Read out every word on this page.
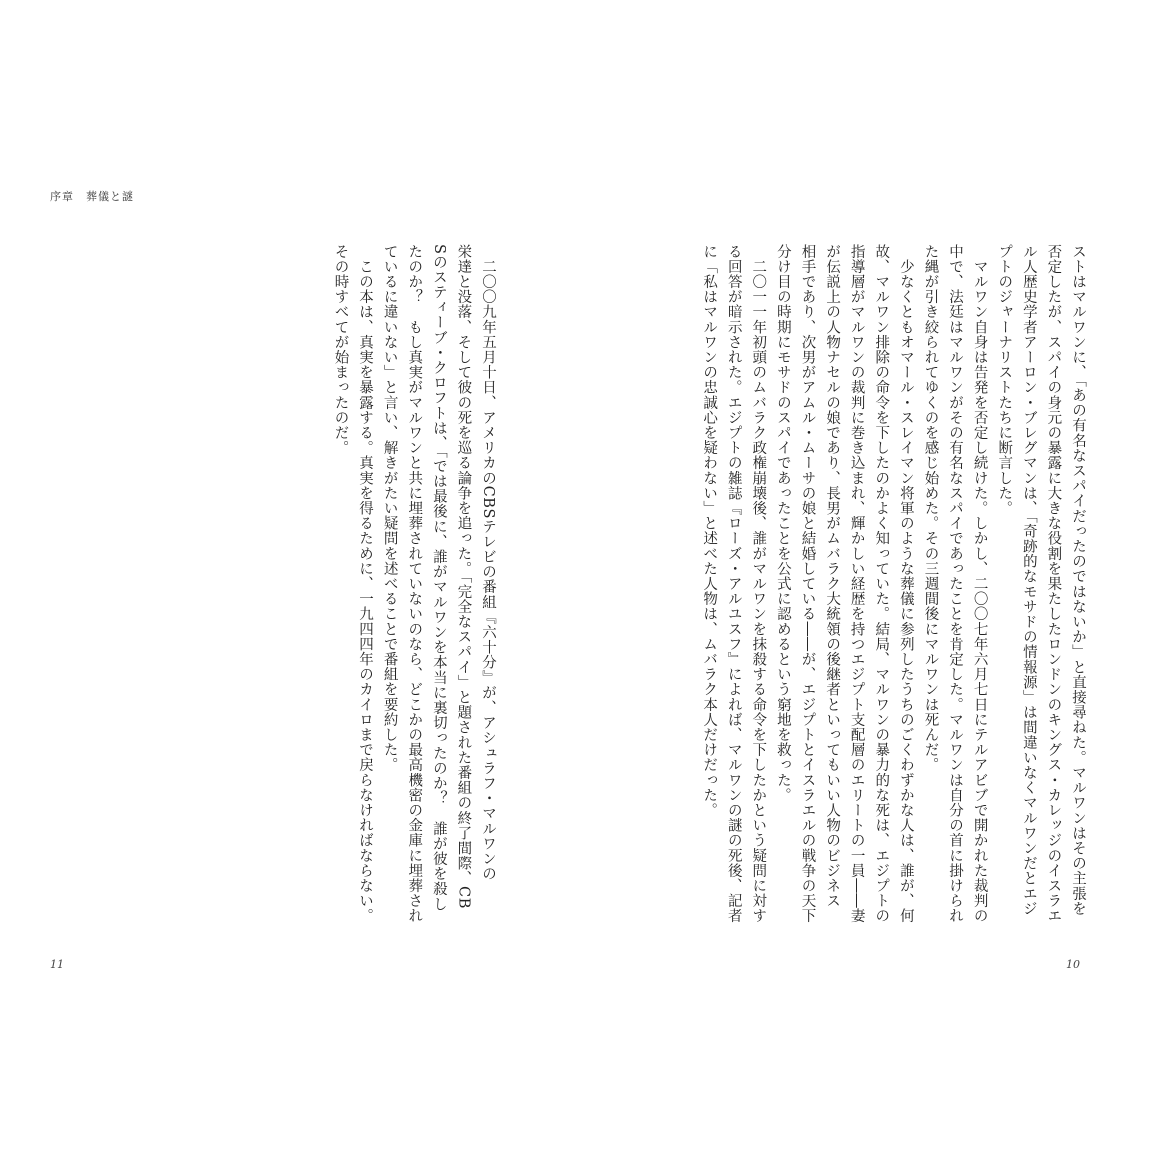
序章　葬儀と謎
　二〇〇九年五月十日、アメリカのCBSテレビの番組『六十分』が、アシュラフ・マルワンの
栄達と没落、そして彼の死を巡る論争を追った。「完全なスパイ」と題された番組の終了間際、CB
Sのスティーブ・クロフトは、「では最後に、誰がマルワンを本当に裏切ったのか？　誰が彼を殺し
たのか？　もし真実がマルワンと共に埋葬されていないのなら、どこかの最高機密の金庫に埋葬され
ているに違いない」と言い、解きがたい疑問を述べることで番組を要約した。
　この本は、真実を暴露する。真実を得るために、一九四四年のカイロまで戻らなければならない。
その時すべてが始まったのだ。	ストはマルワンに、「あの有名なスパイだったのではないか」と直接尋ねた。マルワンはその主張を
否定したが、スパイの身元の暴露に大きな役割を果たしたロンドンのキングス・カレッジのイスラエ
ル人歴史学者アーロン・ブレグマンは、「奇跡的なモサドの情報源」は間違いなくマルワンだとエジ
プトのジャーナリストたちに断言した。
　マルワン自身は告発を否定し続けた。しかし、二〇〇七年六月七日にテルアビブで開かれた裁判の
中で、法廷はマルワンがその有名なスパイであったことを肯定した。マルワンは自分の首に掛けられ
た縄が引き絞られてゆくのを感じ始めた。その三週間後にマルワンは死んだ。
　少なくともオマール・スレイマン将軍のような葬儀に参列したうちのごくわずかな人は、誰が、何
故、マルワン排除の命令を下したのかよく知っていた。結局、マルワンの暴力的な死は、エジプトの
指導層がマルワンの裁判に巻き込まれ、輝かしい経歴を持つエジプト支配層のエリートの一員――妻
が伝説上の人物ナセルの娘であり、長男がムバラク大統領の後継者といってもいい人物のビジネス
相手であり、次男がアムル・ムーサの娘と結婚している――が、エジプトとイスラエルの戦争の天下
分け目の時期にモサドのスパイであったことを公式に認めるという窮地を救った。
　二〇一一年初頭のムバラク政権崩壊後、誰がマルワンを抹殺する命令を下したかという疑問に対す
る回答が暗示された。エジプトの雑誌『ローズ・アルユスフ』によれば、マルワンの謎の死後、記者
に「私はマルワンの忠誠心を疑わない」と述べた人物は、ムバラク本人だけだった。
11	10
